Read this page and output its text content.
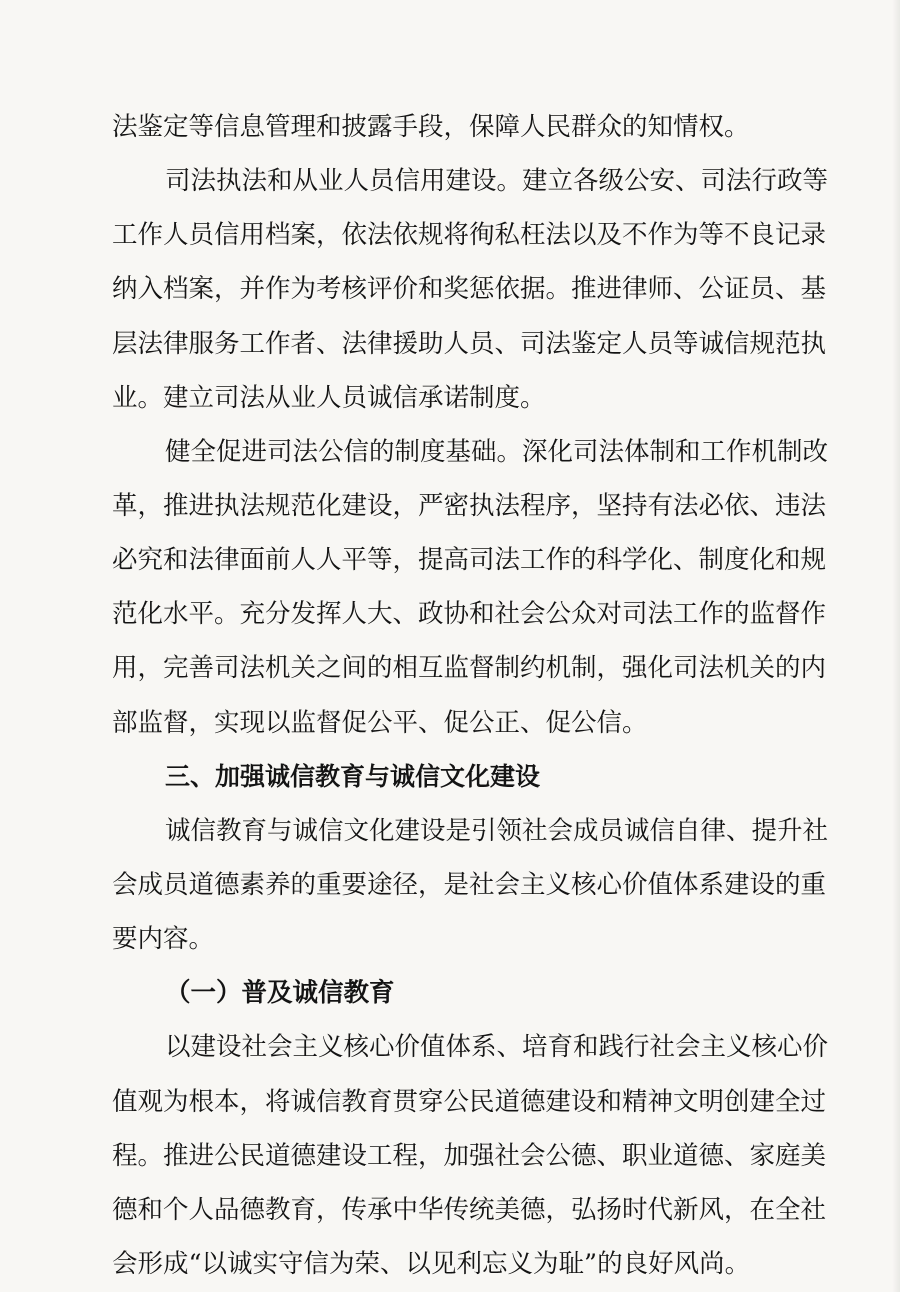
法鉴定等信息管理和披露手段，保障人民群众的知情权。
司法执法和从业人员信用建设。建立各级公安、司法行政等
工作人员信用档案，依法依规将徇私枉法以及不作为等不良记录
纳入档案，并作为考核评价和奖惩依据。推进律师、公证员、基
层法律服务工作者、法律援助人员、司法鉴定人员等诚信规范执
业。建立司法从业人员诚信承诺制度。
健全促进司法公信的制度基础。深化司法体制和工作机制改
革，推进执法规范化建设，严密执法程序，坚持有法必依、违法
必究和法律面前人人平等，提高司法工作的科学化、制度化和规
范化水平。充分发挥人大、政协和社会公众对司法工作的监督作
用，完善司法机关之间的相互监督制约机制，强化司法机关的内
部监督，实现以监督促公平、促公正、促公信。
三、加强诚信教育与诚信文化建设
诚信教育与诚信文化建设是引领社会成员诚信自律、提升社
会成员道德素养的重要途径，是社会主义核心价值体系建设的重
要内容。
（一）普及诚信教育
以建设社会主义核心价值体系、培育和践行社会主义核心价
值观为根本，将诚信教育贯穿公民道德建设和精神文明创建全过
程。推进公民道德建设工程，加强社会公德、职业道德、家庭美
德和个人品德教育，传承中华传统美德，弘扬时代新风，在全社
会形成“以诚实守信为荣、以见利忘义为耻”的良好风尚。
